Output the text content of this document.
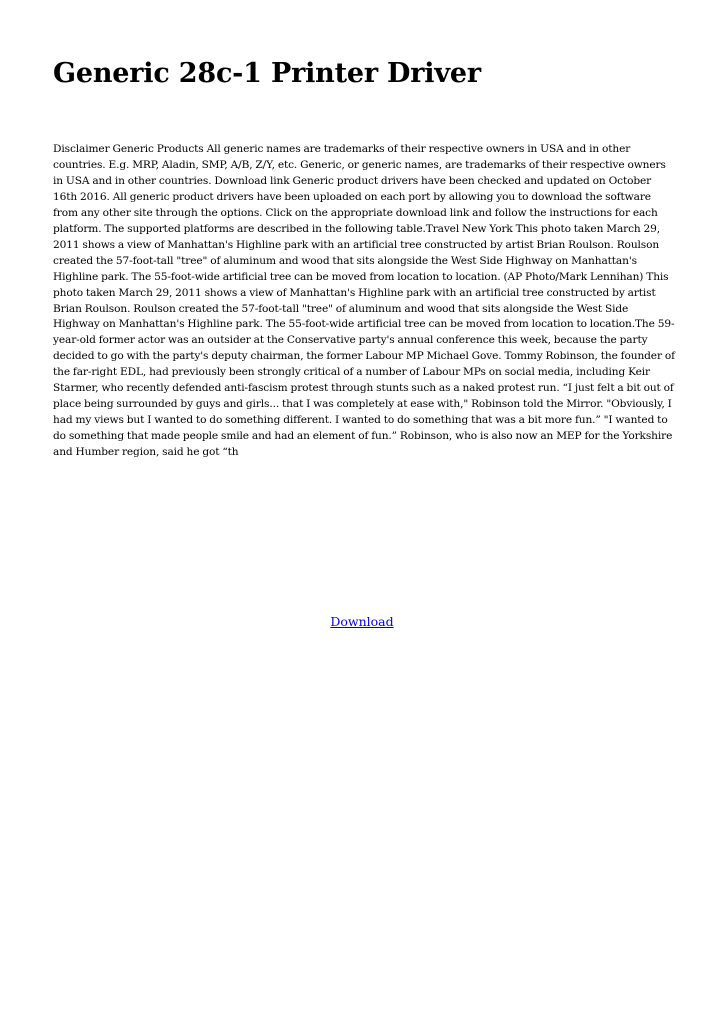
Generic 28c-1 Printer Driver

Disclaimer Generic Products All generic names are trademarks of their respective owners in USA and in other countries. E.g. MRP, Aladin, SMP, A/B, Z/Y, etc. Generic, or generic names, are trademarks of their respective owners in USA and in other countries. Download link Generic product drivers have been checked and updated on October 16th 2016. All generic product drivers have been uploaded on each port by allowing you to download the software from any other site through the options. Click on the appropriate download link and follow the instructions for each platform. The supported platforms are described in the following table.Travel New York This photo taken March 29, 2011 shows a view of Manhattan's Highline park with an artificial tree constructed by artist Brian Roulson. Roulson created the 57-foot-tall "tree" of aluminum and wood that sits alongside the West Side Highway on Manhattan's Highline park. The 55-foot-wide artificial tree can be moved from location to location. (AP Photo/Mark Lennihan) This photo taken March 29, 2011 shows a view of Manhattan's Highline park with an artificial tree constructed by artist Brian Roulson. Roulson created the 57-foot-tall "tree" of aluminum and wood that sits alongside the West Side Highway on Manhattan's Highline park. The 55-foot-wide artificial tree can be moved from location to location.The 59-year-old former actor was an outsider at the Conservative party's annual conference this week, because the party decided to go with the party's deputy chairman, the former Labour MP Michael Gove. Tommy Robinson, the founder of the far-right EDL, had previously been strongly critical of a number of Labour MPs on social media, including Keir Starmer, who recently defended anti-fascism protest through stunts such as a naked protest run. “I just felt a bit out of place being surrounded by guys and girls... that I was completely at ease with," Robinson told the Mirror. "Obviously, I had my views but I wanted to do something different. I wanted to do something that was a bit more fun.” "I wanted to do something that made people smile and had an element of fun.” Robinson, who is also now an MEP for the Yorkshire and Humber region, said he got “th

Download
